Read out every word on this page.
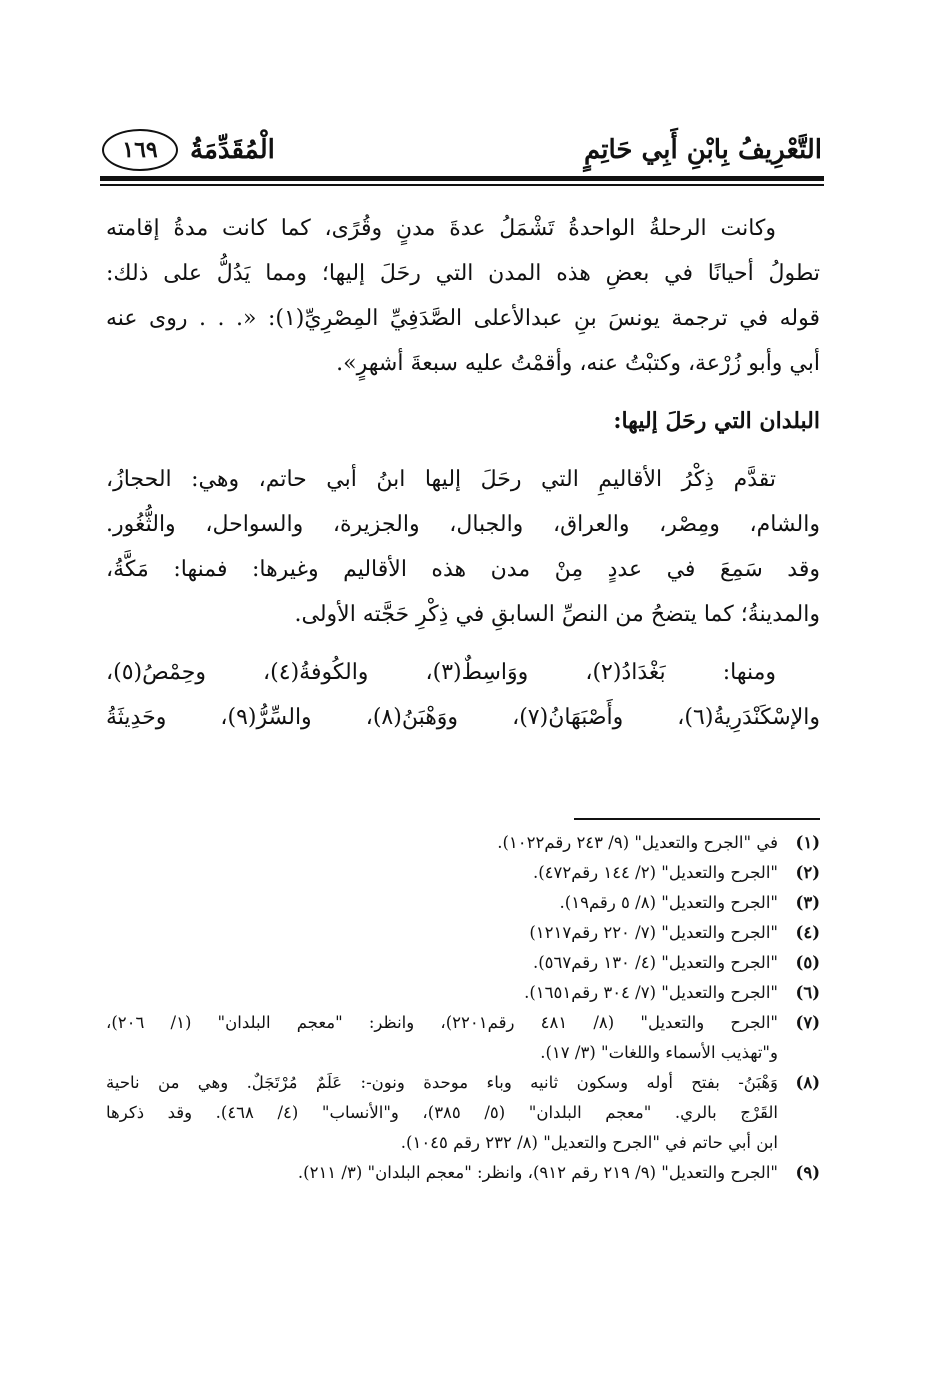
١٦٩	الْمُقَدِّمَةُ	التَّعْرِيفُ بِابْنِ أَبِي حَاتِمٍ

وكانت الرحلةُ الواحدةُ تَشْمَلُ عدةَ مدنٍ وقُرًى، كما كانت مدةُ إقامته

تطولُ أحيانًا في بعضِ هذه المدن التي رحَلَ إليها؛ ومما يَدُلُّ على ذلك:

قوله في ترجمة يونسَ بنِ عبدالأعلى الصَّدَفِيِّ المِصْرِيِّ(١): «. . . روى عنه

أبي وأبو زُرْعة، وكتبْتُ عنه، وأقمْتُ عليه سبعةَ أشهرٍ».

البلدان التي رحَلَ إليها:

تقدَّم ذِكْرُ الأقاليمِ التي رحَلَ إليها ابنُ أبي حاتم، وهي: الحجازُ،

والشام، ومِصْر، والعراق، والجبال، والجزيرة، والسواحل، والثُّغُور.

وقد سَمِعَ في عددٍ مِنْ مدن هذه الأقاليم وغيرها: فمنها: مَكَّةُ،

والمدينةُ؛ كما يتضحُ من النصِّ السابقِ في ذِكْرِ حَجَّته الأولى.

ومنها: بَغْدَادُ(٢)، ووَاسِطٌ(٣)، والكُوفةُ(٤)، وحِمْصُ(٥)،

والإسْكَنْدَرِيةُ(٦)، وأَصْبَهَانُ(٧)، ووَهْبَنُ(٨)، والسِّرُّ(٩)، وحَدِيثَةُ

(١)
في "الجرح والتعديل" (٩/ ٢٤٣ رقم١٠٢٢).
(٢)
"الجرح والتعديل" (٢/ ١٤٤ رقم٤٧٢).
(٣)
"الجرح والتعديل" (٨/ ٥ رقم١٩).
(٤)
"الجرح والتعديل" (٧/ ٢٢٠ رقم١٢١٧)
(٥)
"الجرح والتعديل" (٤/ ١٣٠ رقم٥٦٧).
(٦)
"الجرح والتعديل" (٧/ ٣٠٤ رقم١٦٥١).
(٧)
"الجرح والتعديل" (٨/ ٤٨١ رقم٢٢٠١)، وانظر: "معجم البلدان" (١/ ٢٠٦)،
و"تهذيب الأسماء واللغات" (٣/ ١٧).
(٨)
وَهْبَنُ- بفتح أوله وسكون ثانيه وباء موحدة ونون-: عَلَمٌ مُرْتَجَلٌ. وهي من ناحية
القَرْج بالري. "معجم البلدان" (٥/ ٣٨٥)، و"الأنساب" (٤/ ٤٦٨). وقد ذكرها
ابن أبي حاتم في "الجرح والتعديل" (٨/ ٢٣٢ رقم ١٠٤٥).
(٩)
"الجرح والتعديل" (٩/ ٢١٩ رقم ٩١٢)، وانظر: "معجم البلدان" (٣/ ٢١١).
